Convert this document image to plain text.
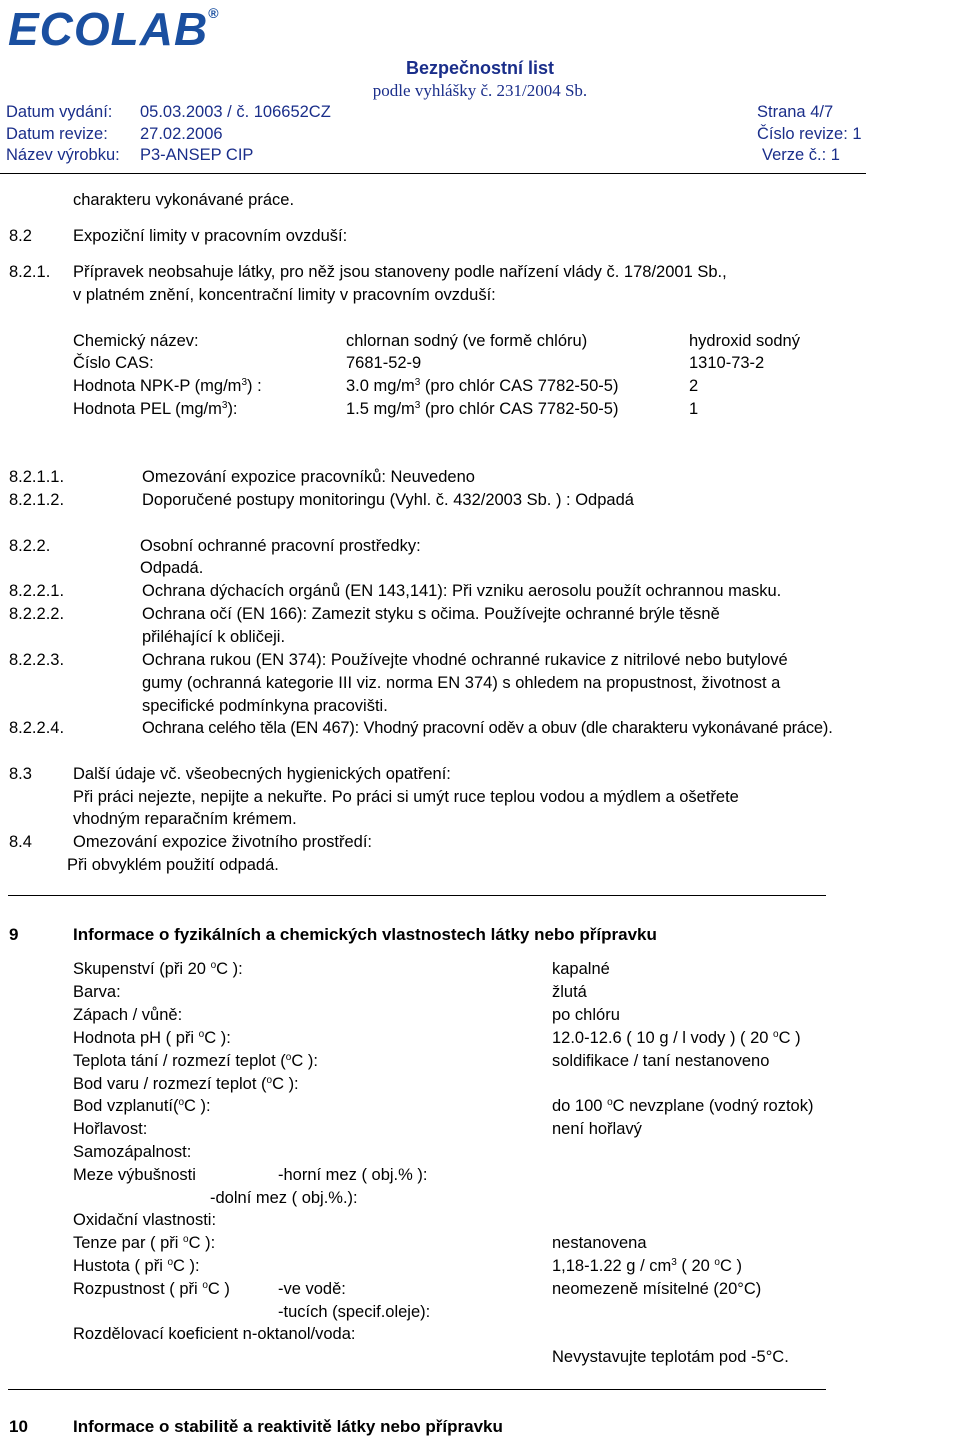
ECOLAB®
Bezpečnostní list
podle vyhlášky č. 231/2004 Sb.
Datum vydání: 05.03.2003 / č. 106652CZ	Strana 4/7
Datum revize: 27.02.2006	Číslo revize: 1
Název výrobku: P3-ANSEP CIP	Verze č.: 1
charakteru vykonávané práce.
8.2 Expoziční limity v pracovním ovzduší:
8.2.1. Přípravek neobsahuje látky, pro něž jsou stanoveny podle nařízení vlády č. 178/2001 Sb.,
v platném znění, koncentrační limity v pracovním ovzduší:
Chemický název:	chlornan sodný (ve formě chlóru)	hydroxid sodný
Číslo CAS:	7681-52-9	1310-73-2
Hodnota NPK-P $(mg/m^3)$ :	3.0 $mg/m^3$ (pro chlór CAS 7782-50-5)	2
Hodnota PEL $(mg/m^3)$:	1.5 $mg/m^3$ (pro chlór CAS 7782-50-5)	1
8.2.1.1.	Omezování expozice pracovníků: Neuvedeno
8.2.1.2.	Doporučené postupy monitoringu (Vyhl. č. 432/2003 Sb. ) : Odpadá
8.2.2.	Osobní ochranné pracovní prostředky:
Odpadá.
8.2.2.1.	Ochrana dýchacích orgánů (EN 143,141): Při vzniku aerosolu použít ochrannou masku.
8.2.2.2.	Ochrana očí (EN 166): Zamezit styku s očima. Používejte ochranné brýle těsně
přiléhající k obličeji.
8.2.2.3.	Ochrana rukou (EN 374): Používejte vhodné ochranné rukavice z nitrilové nebo butylové
gumy (ochranná kategorie III viz. norma EN 374) s ohledem na propustnost, životnost a
specifické podmínkyna pracovišti.
8.2.2.4.	Ochrana celého těla (EN 467): Vhodný pracovní oděv a obuv (dle charakteru vykonávané práce).
8.3 Další údaje vč. všeobecných hygienických opatření:
Při práci nejezte, nepijte a nekuřte. Po práci si umýt ruce teplou vodou a mýdlem a ošetřete
vhodným reparačním krémem.
8.4 Omezování expozice životního prostředí:
Při obvyklém použití odpadá.
9	Informace o fyzikálních a chemických vlastnostech látky nebo přípravku
Skupenství (při 20 $^o$C ):	kapalné
Barva:	žlutá
Zápach / vůně:	po chlóru
Hodnota pH ( při $^o$C ):	12.0-12.6 ( 10 g / l vody ) ( 20 $^o$C )
Teplota tání / rozmezí teplot ($^o$C ):	soldifikace / taní nestanoveno
Bod varu / rozmezí teplot ($^o$C ):
Bod vzplanutí($^o$C ):	do 100 $^o$C nevzplane (vodný roztok)
Hořlavost:	není hořlavý
Samozápalnost:
Meze výbušnosti	-horní mez ( obj.% ):
-dolní mez ( obj.%.):
Oxidační vlastnosti:
Tenze par ( při $^o$C ):	nestanovena
Hustota ( při $^o$C ):	1,18-1.22 g / $cm^3$ ( 20 $^o$C )
Rozpustnost ( při $^o$C )	-ve vodě:	neomezeně mísitelné (20°C)
-tucích (specif.oleje):
Rozdělovací koeficient n-oktanol/voda:
Nevystavujte teplotám pod -5°C.
10	Informace o stabilitě a reaktivitě látky nebo přípravku
